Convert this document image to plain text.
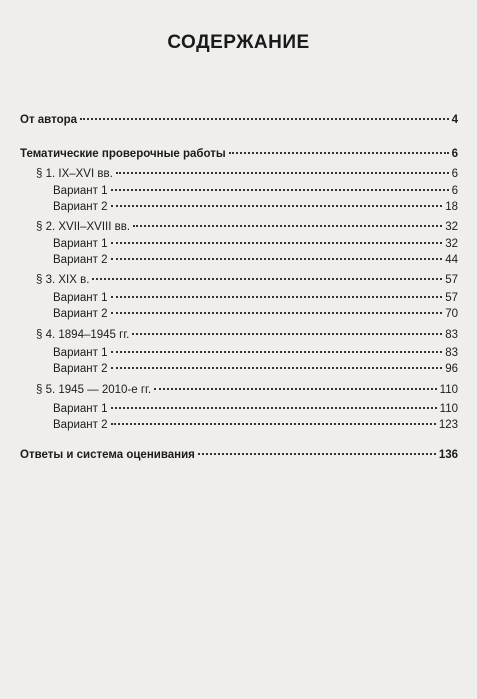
СОДЕРЖАНИЕ
От автора	4
Тематические проверочные работы	6
§ 1. IX–XVI вв.	6
Вариант 1	6
Вариант 2	18
§ 2. XVII–XVIII вв.	32
Вариант 1	32
Вариант 2	44
§ 3. XIX в.	57
Вариант 1	57
Вариант 2	70
§ 4. 1894–1945 гг.	83
Вариант 1	83
Вариант 2	96
§ 5. 1945 — 2010-е гг.	110
Вариант 1	110
Вариант 2	123
Ответы и система оценивания	136
